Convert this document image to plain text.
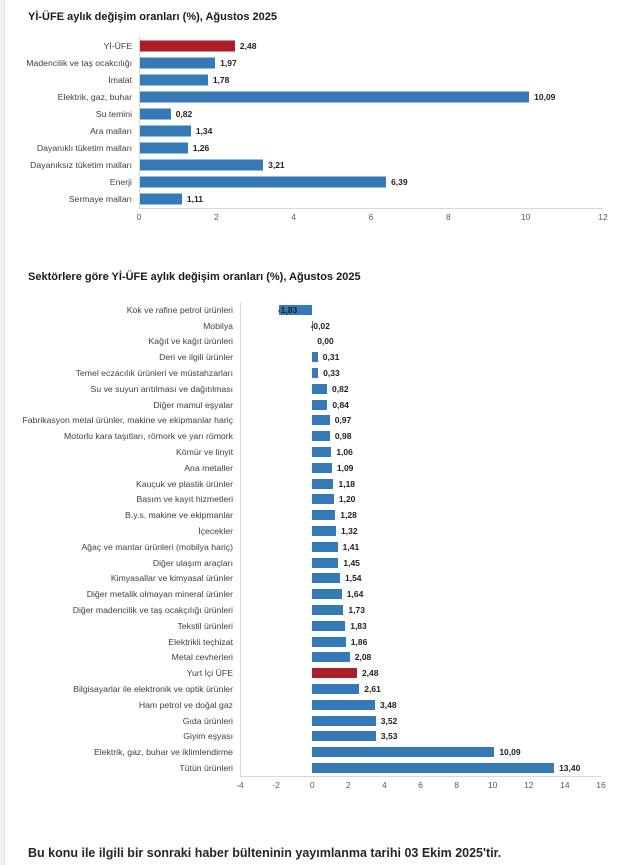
Yİ-ÜFE aylık değişim oranları (%), Ağustos 2025
Yİ-ÜFE	2,48
Madencilik ve taş ocakcılığı	1,97
İmalat	1,78
Elektrik, gaz, buhar	10,09
Su temini	0,82
Ara malları	1,34
Dayanıklı tüketim malları	1,26
Dayanıksız tüketim malları	3,21
Enerji	6,39
Sermaye malları	1,11
0	2	4	6	8	10	12
Sektörlere göre Yİ-ÜFE aylık değişim oranları (%), Ağustos 2025
Kok ve rafine petrol ürünleri	-1,83
Mobilya	-0,02
Kağıt ve kağıt ürünleri	0,00
Deri ve ilgili ürünler	0,31
Temel eczacılık ürünleri ve müstahzarları	0,33
Su ve suyun arıtılması ve dağıtılması	0,82
Diğer mamul eşyalar	0,84
Fabrikasyon metal ürünler, makine ve ekipmanlar hariç	0,97
Motorlu kara taşıtları, römork ve yarı römork	0,98
Kömür ve linyit	1,06
Ana metaller	1,09
Kauçuk ve plastik ürünler	1,18
Basım ve kayıt hizmetleri	1,20
B.y.s. makine ve ekipmanlar	1,28
İçecekler	1,32
Ağaç ve mantar ürünleri (mobilya hariç)	1,41
Diğer ulaşım araçları	1,45
Kimyasallar ve kimyasal ürünler	1,54
Diğer metalik olmayan mineral ürünler	1,64
Diğer madencilik ve taş ocakçılığı ürünleri	1,73
Tekstil ürünleri	1,83
Elektrikli teçhizat	1,86
Metal cevherleri	2,08
Yurt İçi ÜFE	2,48
Bilgisayarlar ile elektronik ve optik ürünler	2,61
Ham petrol ve doğal gaz	3,48
Gıda ürünleri	3,52
Giyim eşyası	3,53
Elektrik, gaz, buhar ve iklimlendirme	10,09
Tütün ürünleri	13,40
-4	-2	0	2	4	6	8	10	12	14	16

Bu konu ile ilgili bir sonraki haber bülteninin yayımlanma tarihi 03 Ekim 2025'tir.
